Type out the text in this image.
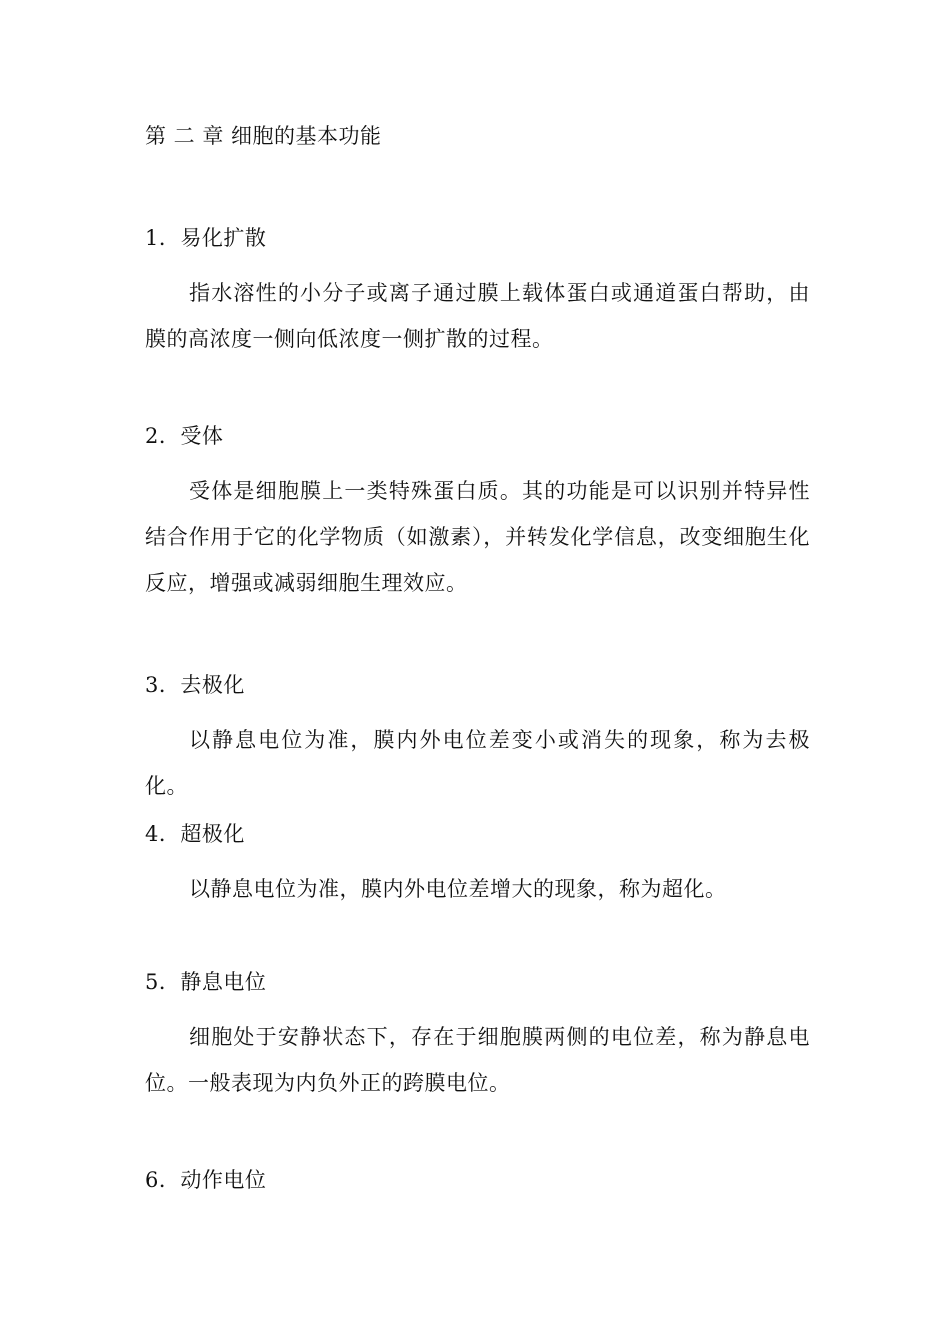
第 二 章 细胞的基本功能
1．易化扩散
指水溶性的小分子或离子通过膜上载体蛋白或通道蛋白帮助，由膜的高浓度一侧向低浓度一侧扩散的过程。
2．受体
受体是细胞膜上一类特殊蛋白质。其的功能是可以识别并特异性结合作用于它的化学物质（如激素），并转发化学信息，改变细胞生化反应，增强或减弱细胞生理效应。
3．去极化
以静息电位为准，膜内外电位差变小或消失的现象，称为去极化。
4．超极化
以静息电位为准，膜内外电位差增大的现象，称为超化。
5．静息电位
细胞处于安静状态下，存在于细胞膜两侧的电位差，称为静息电位。一般表现为内负外正的跨膜电位。
6．动作电位
